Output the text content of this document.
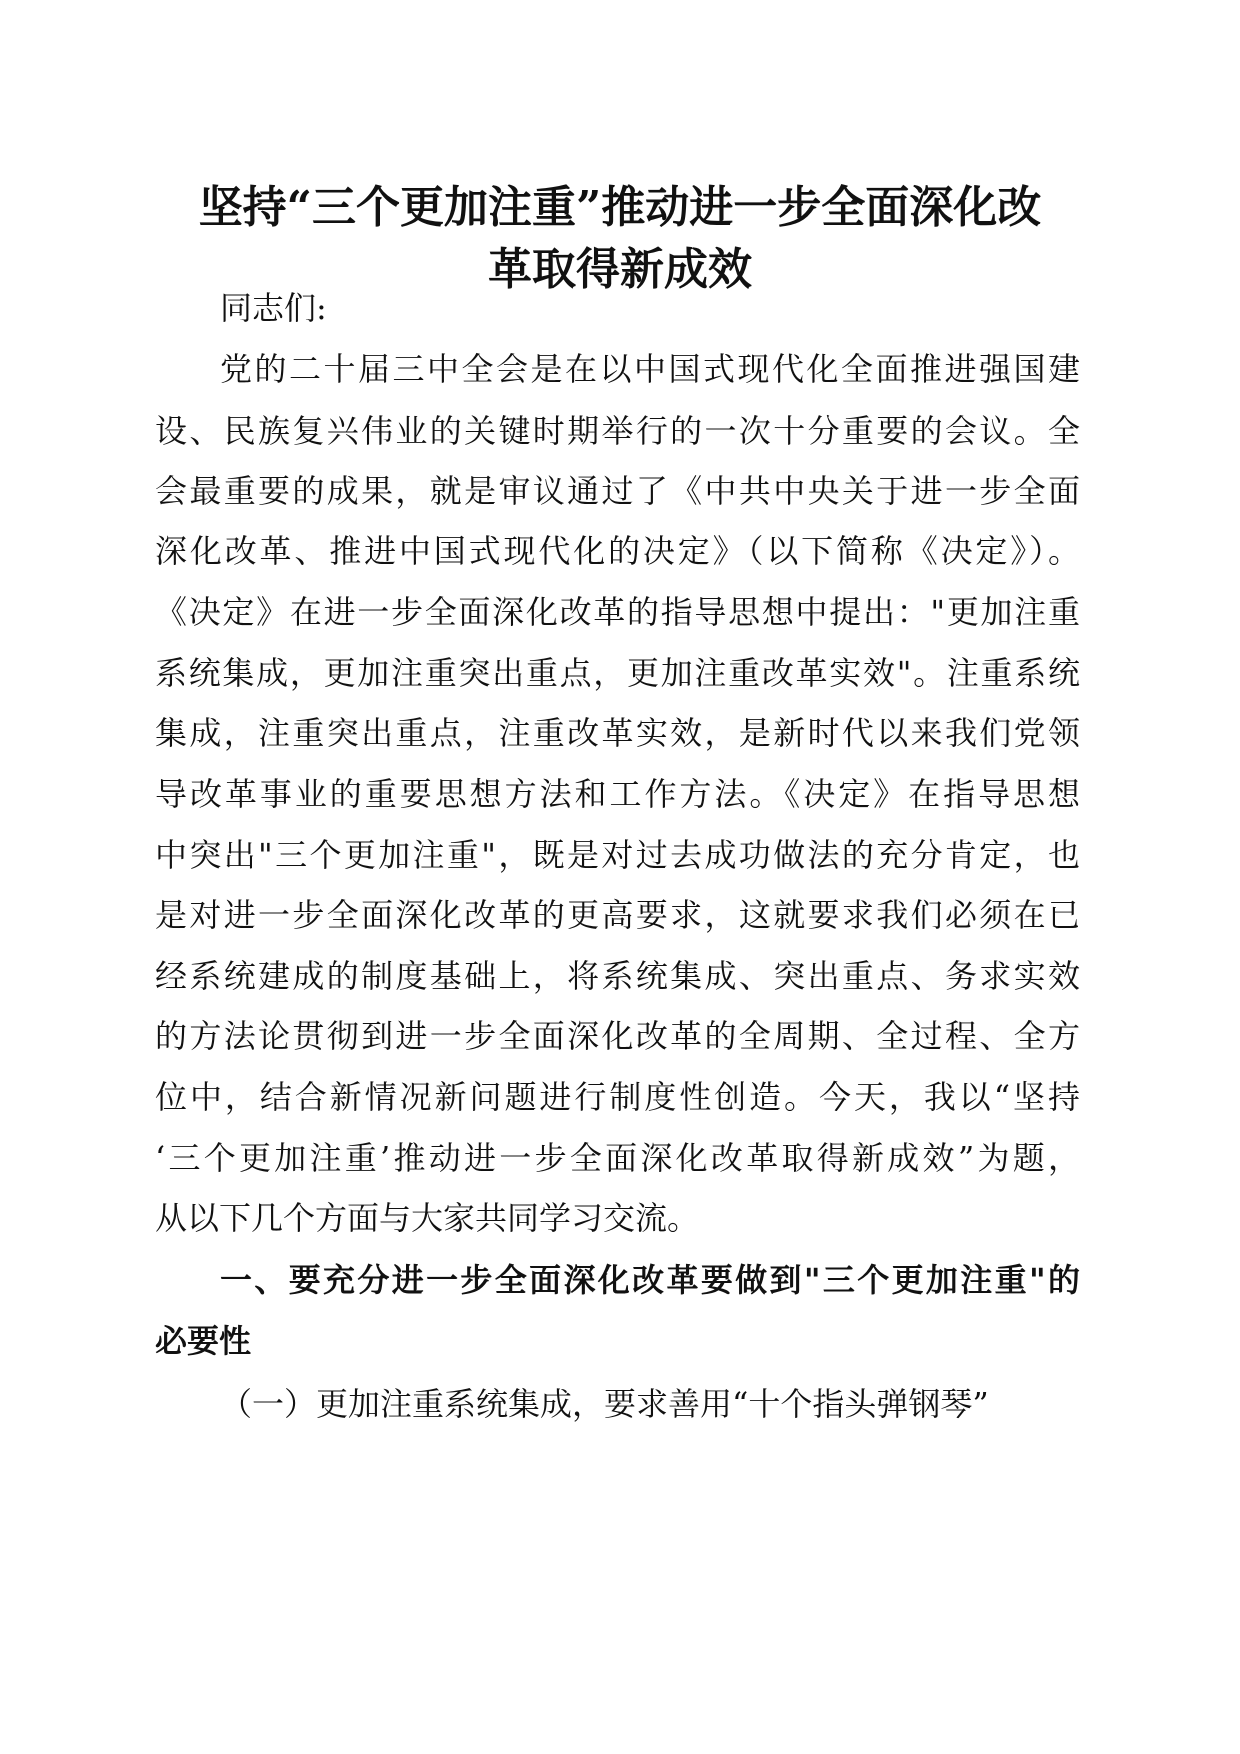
坚持“三个更加注重”推动进一步全面深化改
革取得新成效

同志们:

党的二十届三中全会是在以中国式现代化全面推进强国建

设、民族复兴伟业的关键时期举行的一次十分重要的会议。全

会最重要的成果，就是审议通过了《中共中央关于进一步全面

深化改革、推进中国式现代化的决定》（以下简称《决定》）。

《决定》在进一步全面深化改革的指导思想中提出："更加注重

系统集成，更加注重突出重点，更加注重改革实效"。注重系统

集成，注重突出重点，注重改革实效，是新时代以来我们党领

导改革事业的重要思想方法和工作方法。《决定》在指导思想

中突出"三个更加注重"，既是对过去成功做法的充分肯定，也

是对进一步全面深化改革的更高要求，这就要求我们必须在已

经系统建成的制度基础上，将系统集成、突出重点、务求实效

的方法论贯彻到进一步全面深化改革的全周期、全过程、全方

位中，结合新情况新问题进行制度性创造。今天，我以“坚持

‘三个更加注重’推动进一步全面深化改革取得新成效”为题，

从以下几个方面与大家共同学习交流。

一、要充分进一步全面深化改革要做到"三个更加注重"的

必要性

（一）更加注重系统集成，要求善用“十个指头弹钢琴”
